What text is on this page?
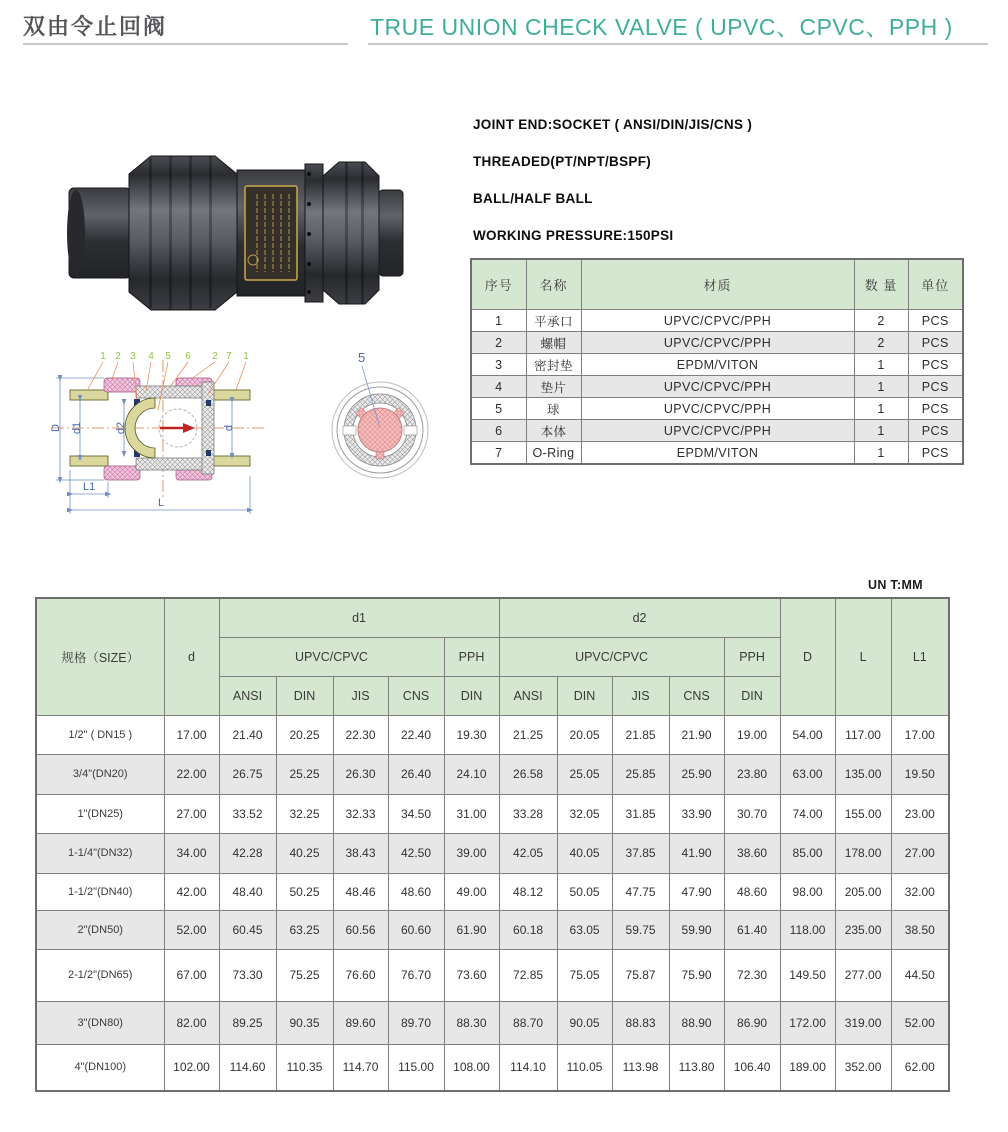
双由令止回阀	TRUE UNION CHECK VALVE ( UPVC、CPVC、PPH )
JOINT END:SOCKET ( ANSI/DIN/JIS/CNS )
THREADED(PT/NPT/BSPF)
BALL/HALF BALL
WORKING PRESSURE:150PSI
序号	名称	材质	数 量	单位
1	平承口	UPVC/CPVC/PPH	2	PCS
2	螺帽	UPVC/CPVC/PPH	2	PCS
3	密封垫	EPDM/VITON	1	PCS
4	垫片	UPVC/CPVC/PPH	1	PCS
5	球	UPVC/CPVC/PPH	1	PCS
6	本体	UPVC/CPVC/PPH	1	PCS
7	O-Ring	EPDM/VITON	1	PCS
D d1	d2	d
L1
L
1 2 3 4 5 6 2 7 1	5
UN T:MM
规格（SIZE）	d	d1					d2					D	L	L1
		UPVC/CPVC				PPH	UPVC/CPVC				PPH			
		ANSI	DIN	JIS	CNS	DIN	ANSI	DIN	JIS	CNS	DIN			
1/2" ( DN15 )	17.00	21.40	20.25	22.30	22.40	19.30	21.25	20.05	21.85	21.90	19.00	54.00	117.00	17.00
3/4"(DN20)	22.00	26.75	25.25	26.30	26.40	24.10	26.58	25.05	25.85	25.90	23.80	63.00	135.00	19.50
1"(DN25)	27.00	33.52	32.25	32.33	34.50	31.00	33.28	32.05	31.85	33.90	30.70	74.00	155.00	23.00
1-1/4"(DN32)	34.00	42.28	40.25	38.43	42.50	39.00	42.05	40.05	37.85	41.90	38.60	85.00	178.00	27.00
1-1/2"(DN40)	42.00	48.40	50.25	48.46	48.60	49.00	48.12	50.05	47.75	47.90	48.60	98.00	205.00	32.00
2"(DN50)	52.00	60.45	63.25	60.56	60.60	61.90	60.18	63.05	59.75	59.90	61.40	118.00	235.00	38.50
2-1/2"(DN65)	67.00	73.30	75.25	76.60	76.70	73.60	72.85	75.05	75.87	75.90	72.30	149.50	277.00	44.50
3"(DN80)	82.00	89.25	90.35	89.60	89.70	88.30	88.70	90.05	88.83	88.90	86.90	172.00	319.00	52.00
4"(DN100)	102.00	114.60	110.35	114.70	115.00	108.00	114.10	110.05	113.98	113.80	106.40	189.00	352.00	62.00
